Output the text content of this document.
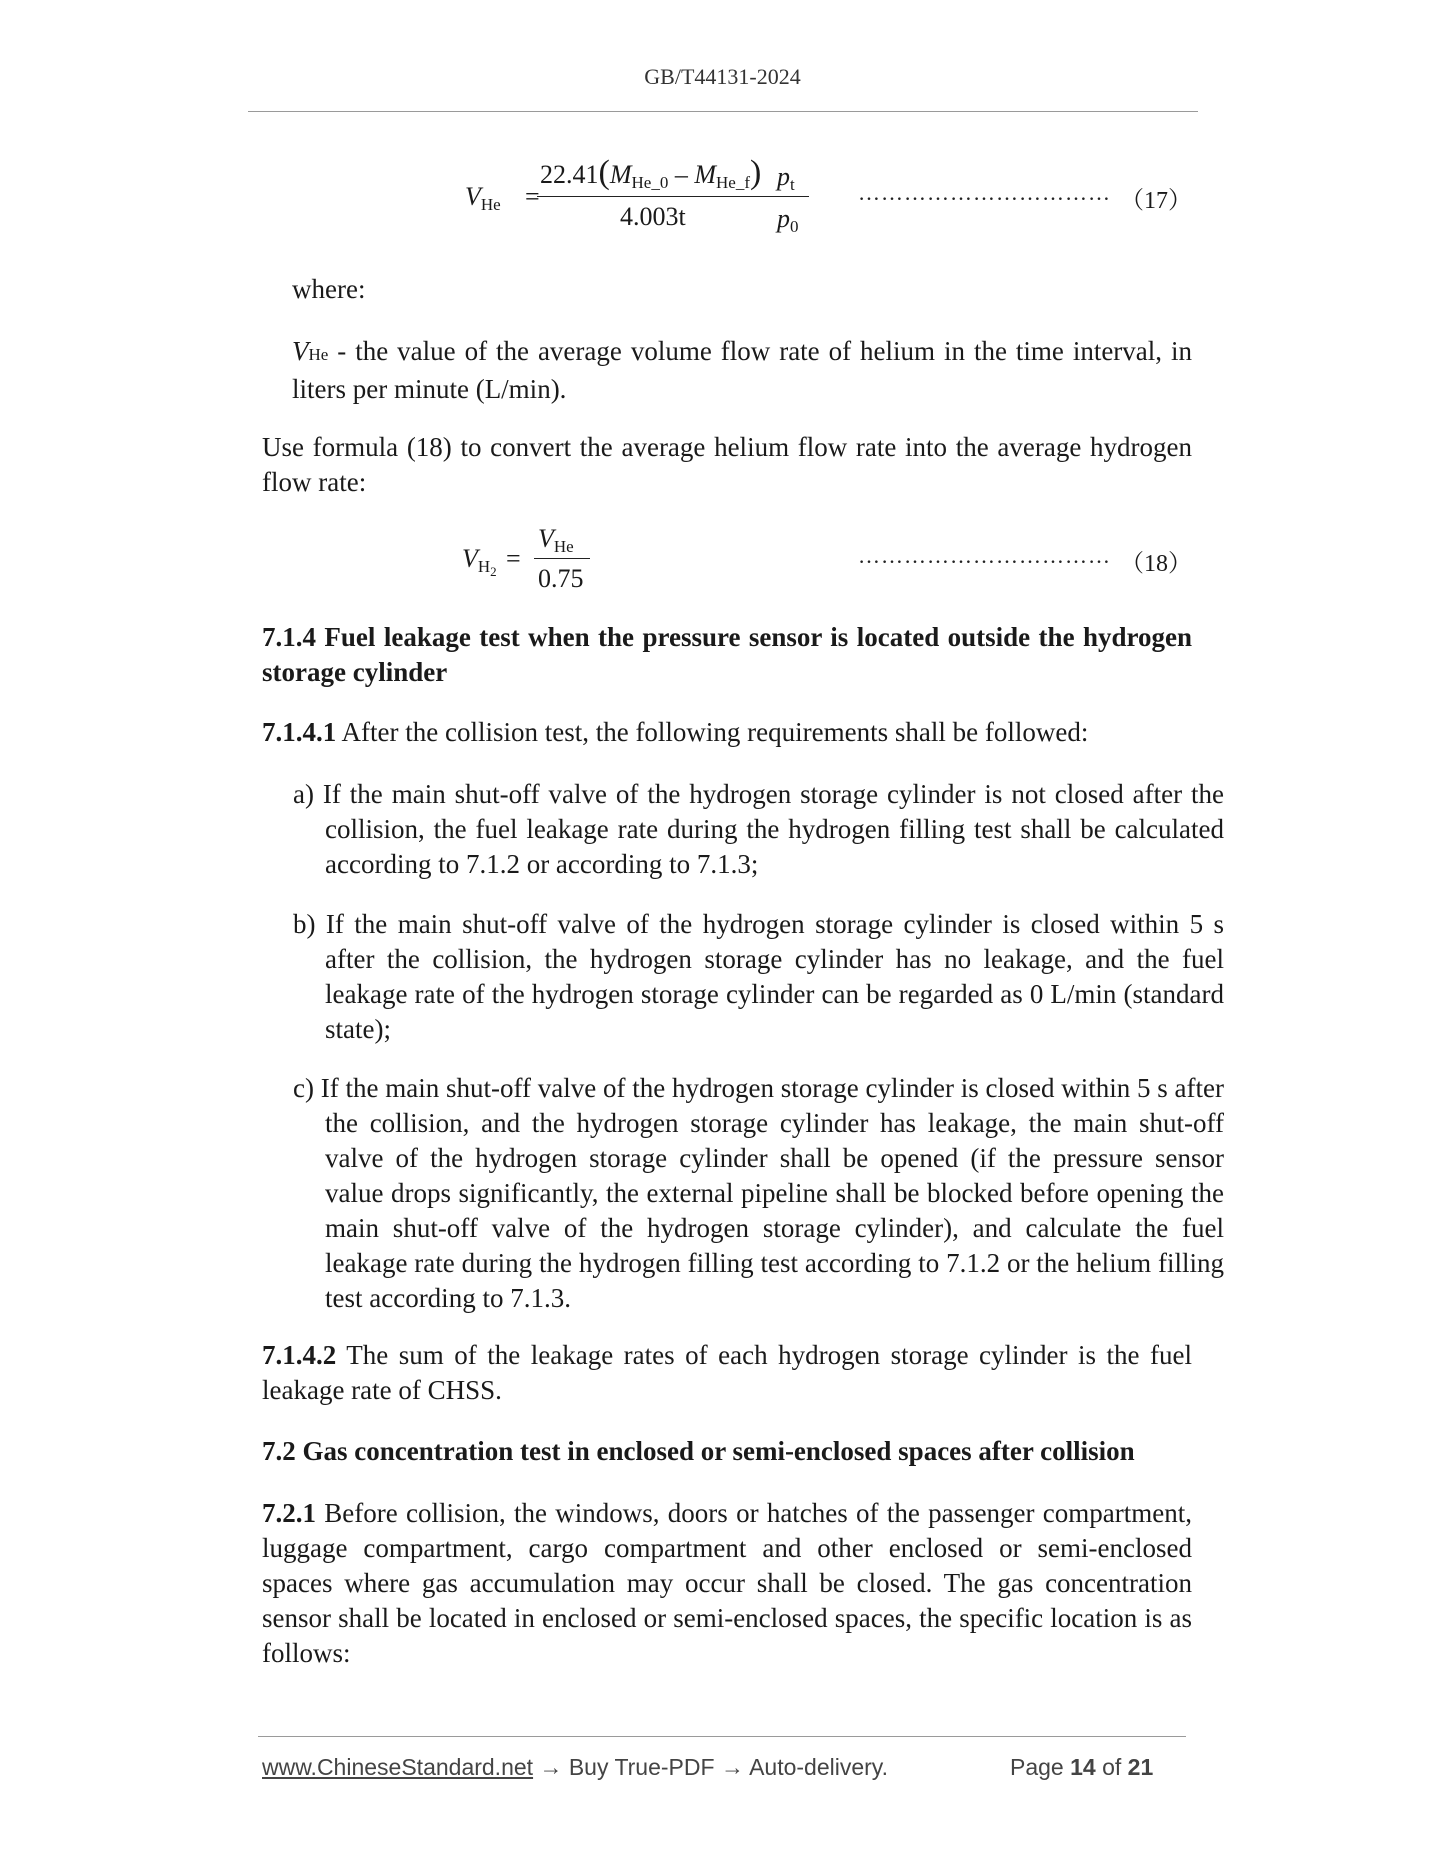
GB/T44131-2024
$V_{He}$ =
$22.41(M_{He\_0} - M_{He\_f})$
4.003t
$p_t$
$p_0$
…………………………… （17）
where:
VHe - the value of the average volume flow rate of helium in the time interval, in liters per minute (L/min).
Use formula (18) to convert the average helium flow rate into the average hydrogen flow rate:
$V_{H2}$ =
$V_{He}$
0.75
…………………………… （18）
7.1.4 Fuel leakage test when the pressure sensor is located outside the hydrogen storage cylinder
7.1.4.1 After the collision test, the following requirements shall be followed:
a) If the main shut-off valve of the hydrogen storage cylinder is not closed after the collision, the fuel leakage rate during the hydrogen filling test shall be calculated according to 7.1.2 or according to 7.1.3;
b) If the main shut-off valve of the hydrogen storage cylinder is closed within 5 s after the collision, the hydrogen storage cylinder has no leakage, and the fuel leakage rate of the hydrogen storage cylinder can be regarded as 0 L/min (standard state);
c) If the main shut-off valve of the hydrogen storage cylinder is closed within 5 s after the collision, and the hydrogen storage cylinder has leakage, the main shut-off valve of the hydrogen storage cylinder shall be opened (if the pressure sensor value drops significantly, the external pipeline shall be blocked before opening the main shut-off valve of the hydrogen storage cylinder), and calculate the fuel leakage rate during the hydrogen filling test according to 7.1.2 or the helium filling test according to 7.1.3.
7.1.4.2 The sum of the leakage rates of each hydrogen storage cylinder is the fuel leakage rate of CHSS.
7.2 Gas concentration test in enclosed or semi-enclosed spaces after collision
7.2.1 Before collision, the windows, doors or hatches of the passenger compartment, luggage compartment, cargo compartment and other enclosed or semi-enclosed spaces where gas accumulation may occur shall be closed. The gas concentration sensor shall be located in enclosed or semi-enclosed spaces, the specific location is as follows:
www.ChineseStandard.net → Buy True-PDF → Auto-delivery.	Page 14 of 21
